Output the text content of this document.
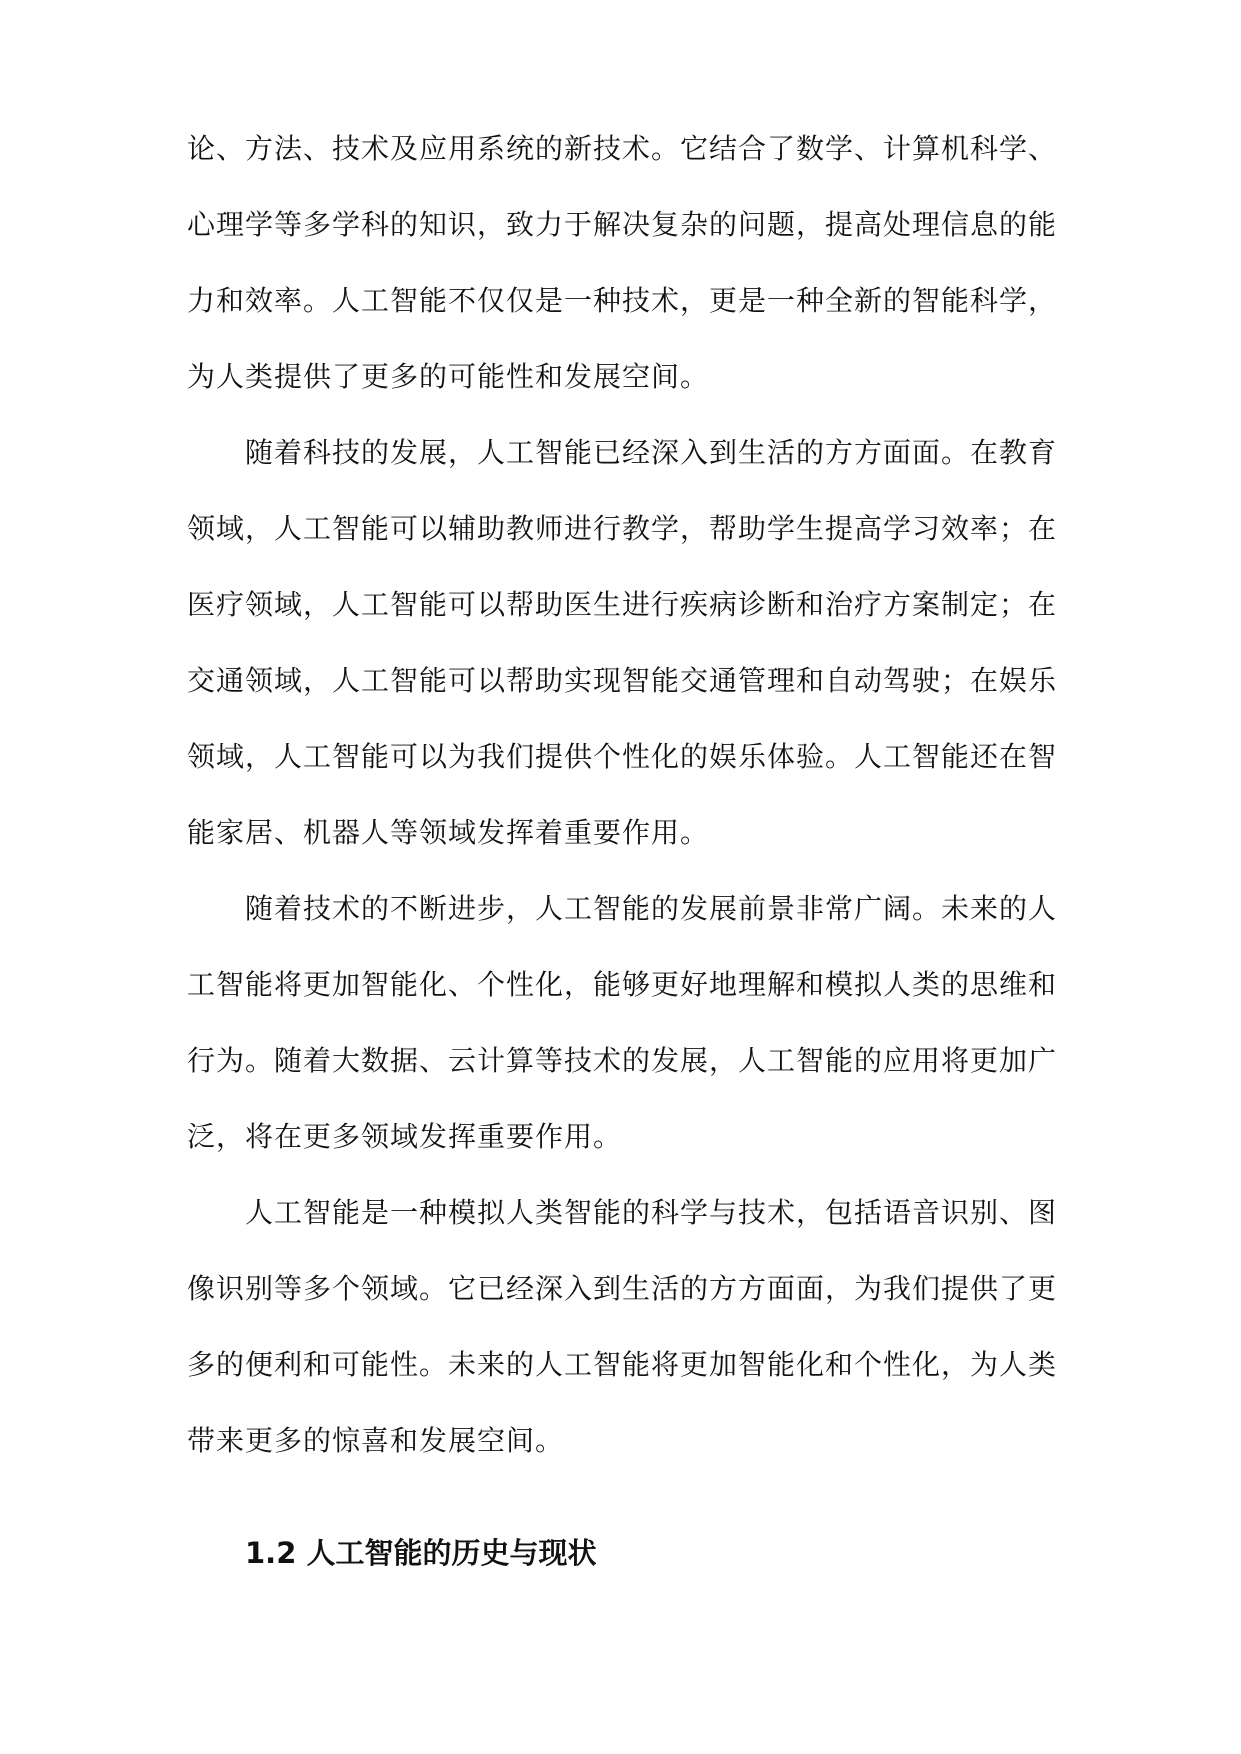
论、方法、技术及应用系统的新技术。它结合了数学、计算机科学、
心理学等多学科的知识，致力于解决复杂的问题，提高处理信息的能
力和效率。人工智能不仅仅是一种技术，更是一种全新的智能科学，
为人类提供了更多的可能性和发展空间。
随着科技的发展，人工智能已经深入到生活的方方面面。在教育
领域，人工智能可以辅助教师进行教学，帮助学生提高学习效率；在
医疗领域，人工智能可以帮助医生进行疾病诊断和治疗方案制定；在
交通领域，人工智能可以帮助实现智能交通管理和自动驾驶；在娱乐
领域，人工智能可以为我们提供个性化的娱乐体验。人工智能还在智
能家居、机器人等领域发挥着重要作用。
随着技术的不断进步，人工智能的发展前景非常广阔。未来的人
工智能将更加智能化、个性化，能够更好地理解和模拟人类的思维和
行为。随着大数据、云计算等技术的发展，人工智能的应用将更加广
泛，将在更多领域发挥重要作用。
人工智能是一种模拟人类智能的科学与技术，包括语音识别、图
像识别等多个领域。它已经深入到生活的方方面面，为我们提供了更
多的便利和可能性。未来的人工智能将更加智能化和个性化，为人类
带来更多的惊喜和发展空间。
1.2 人工智能的历史与现状
